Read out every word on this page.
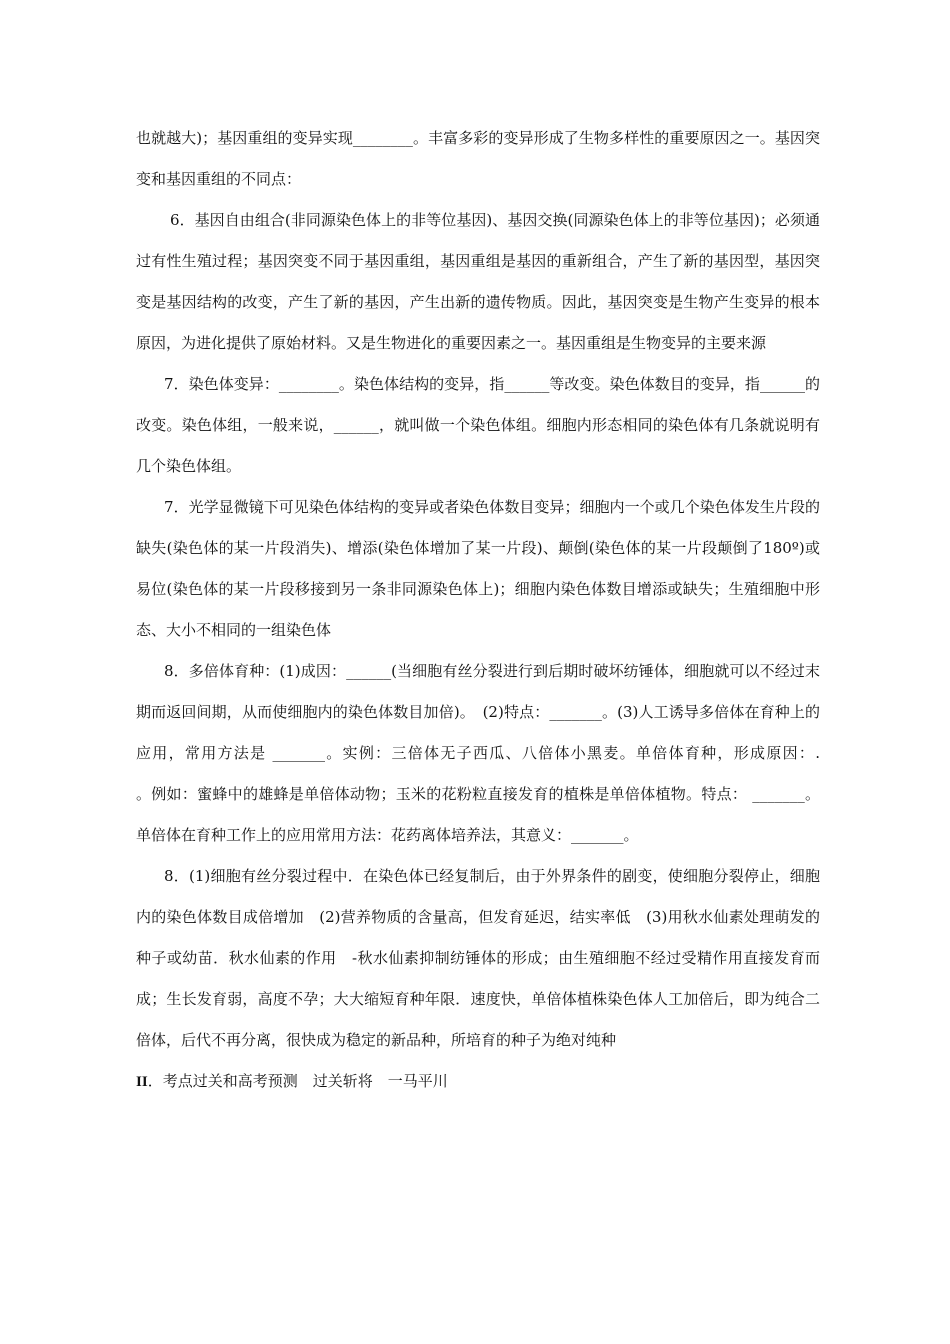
也就越大)；基因重组的变异实现________。丰富多彩的变异形成了生物多样性的重要原因之一。基因突变和基因重组的不同点：

6．基因自由组合(非同源染色体上的非等位基因)、基因交换(同源染色体上的非等位基因)；必须通过有性生殖过程；基因突变不同于基因重组，基因重组是基因的重新组合，产生了新的基因型，基因突变是基因结构的改变，产生了新的基因，产生出新的遗传物质。因此，基因突变是生物产生变异的根本原因，为进化提供了原始材料。又是生物进化的重要因素之一。基因重组是生物变异的主要来源

7．染色体变异：________。染色体结构的变异，指______等改变。染色体数目的变异，指______的改变。染色体组，一般来说，______，就叫做一个染色体组。细胞内形态相同的染色体有几条就说明有几个染色体组。

7．光学显微镜下可见染色体结构的变异或者染色体数目变异；细胞内一个或几个染色体发生片段的缺失(染色体的某一片段消失)、增添(染色体增加了某一片段)、颠倒(染色体的某一片段颠倒了180º)或易位(染色体的某一片段移接到另一条非同源染色体上)；细胞内染色体数目增添或缺失；生殖细胞中形态、大小不相同的一组染色体

8．多倍体育种：(1)成因：______(当细胞有丝分裂进行到后期时破坏纺锤体，细胞就可以不经过末期而返回间期，从而使细胞内的染色体数目加倍)。　(2)特点：_______。(3)人工诱导多倍体在育种上的应用，常用方法是 _______。实例：三倍体无子西瓜、八倍体小黑麦。单倍体育种，形成原因：.　　　。例如：蜜蜂中的雄蜂是单倍体动物；玉米的花粉粒直接发育的植株是单倍体植物。特点： _______。单倍体在育种工作上的应用常用方法：花药离体培养法，其意义：_______。

8．(1)细胞有丝分裂过程中．在染色体已经复制后，由于外界条件的剧变，使细胞分裂停止，细胞内的染色体数目成倍增加　(2)营养物质的含量高，但发育延迟，结实率低　(3)用秋水仙素处理萌发的种子或幼苗．秋水仙素的作用　-秋水仙素抑制纺锤体的形成；由生殖细胞不经过受精作用直接发育而成；生长发育弱，高度不孕；大大缩短育种年限．速度快，单倍体植株染色体人工加倍后，即为纯合二倍体，后代不再分离，很快成为稳定的新品种，所培育的种子为绝对纯种

II．考点过关和高考预测　过关斩将　一马平川
